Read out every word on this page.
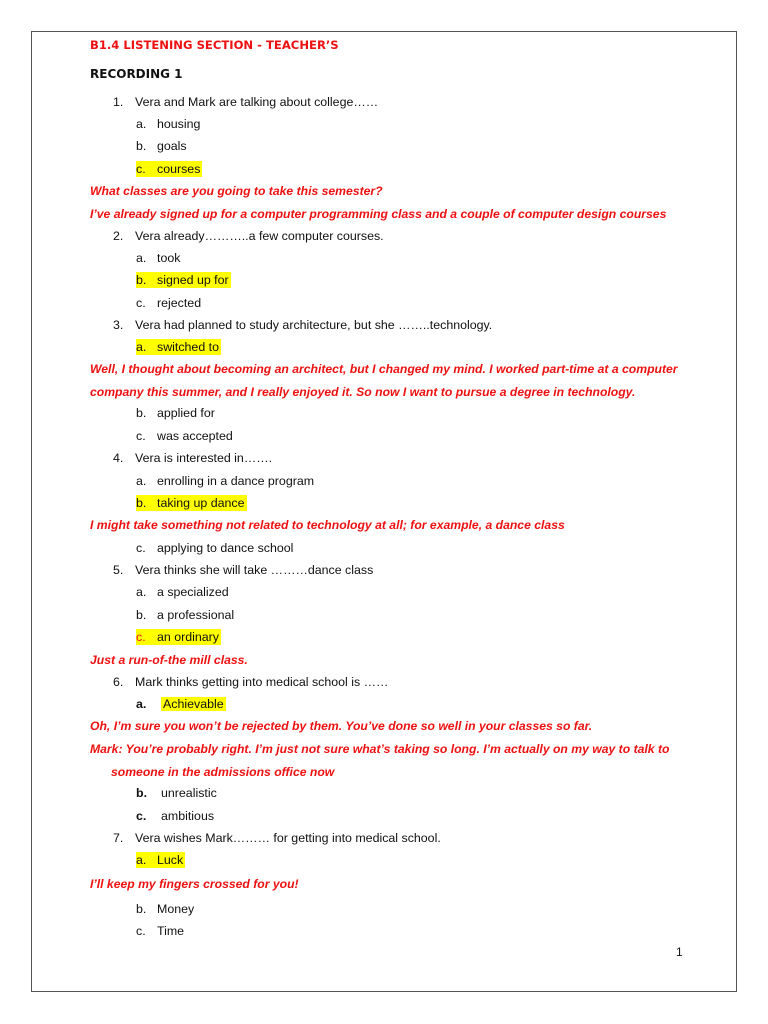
B1.4 LISTENING SECTION - TEACHER’S
RECORDING 1
1. Vera and Mark are talking about college……
a. housing
b. goals
c. courses
What classes are you going to take this semester?
I’ve already signed up for a computer programming class and a couple of computer design courses
2. Vera already………..a few computer courses.
a. took
b. signed up for
c. rejected
3. Vera had planned to study architecture, but she ……..technology.
a. switched to
Well, I thought about becoming an architect, but I changed my mind. I worked part-time at a computer
company this summer, and I really enjoyed it. So now I want to pursue a degree in technology.
b. applied for
c. was accepted
4. Vera is interested in…….
a. enrolling in a dance program
b. taking up dance
I might take something not related to technology at all; for example, a dance class
c. applying to dance school
5. Vera thinks she will take ………dance class
a. a specialized
b. a professional
c. an ordinary
Just a run-of-the mill class.
6. Mark thinks getting into medical school is ……
a. Achievable
Oh, I’m sure you won’t be rejected by them. You’ve done so well in your classes so far.
Mark: You’re probably right. I’m just not sure what’s taking so long. I’m actually on my way to talk to
someone in the admissions office now
b. unrealistic
c. ambitious
7. Vera wishes Mark……… for getting into medical school.
a. Luck
I’ll keep my fingers crossed for you!
b. Money
c. Time
1
